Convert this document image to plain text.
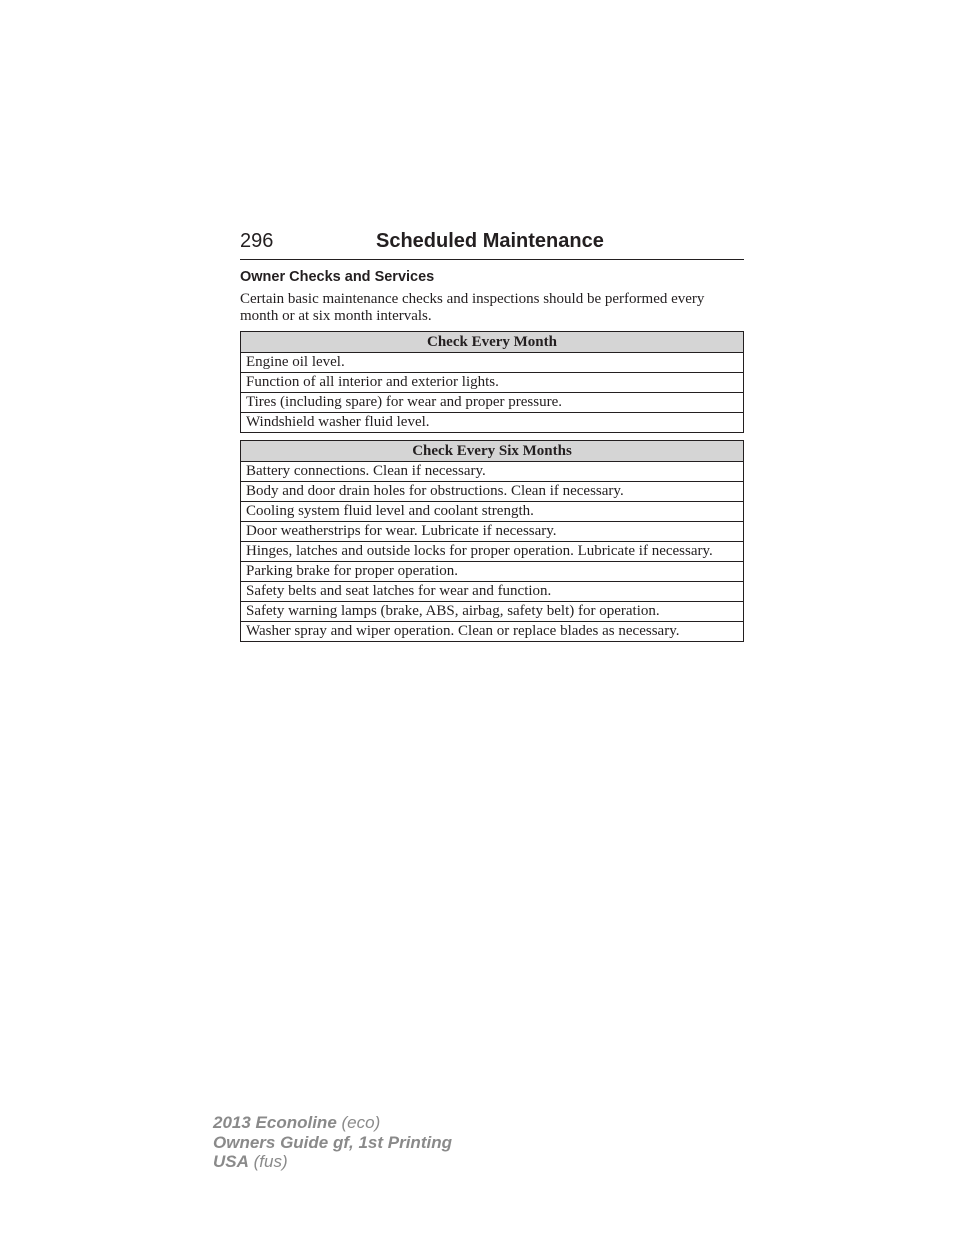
296	Scheduled Maintenance
Owner Checks and Services
Certain basic maintenance checks and inspections should be performed every month or at six month intervals.
Check Every Month
Engine oil level.
Function of all interior and exterior lights.
Tires (including spare) for wear and proper pressure.
Windshield washer fluid level.
Check Every Six Months
Battery connections. Clean if necessary.
Body and door drain holes for obstructions. Clean if necessary.
Cooling system fluid level and coolant strength.
Door weatherstrips for wear. Lubricate if necessary.
Hinges, latches and outside locks for proper operation. Lubricate if necessary.
Parking brake for proper operation.
Safety belts and seat latches for wear and function.
Safety warning lamps (brake, ABS, airbag, safety belt) for operation.
Washer spray and wiper operation. Clean or replace blades as necessary.
2013 Econoline (eco)
Owners Guide gf, 1st Printing
USA (fus)
